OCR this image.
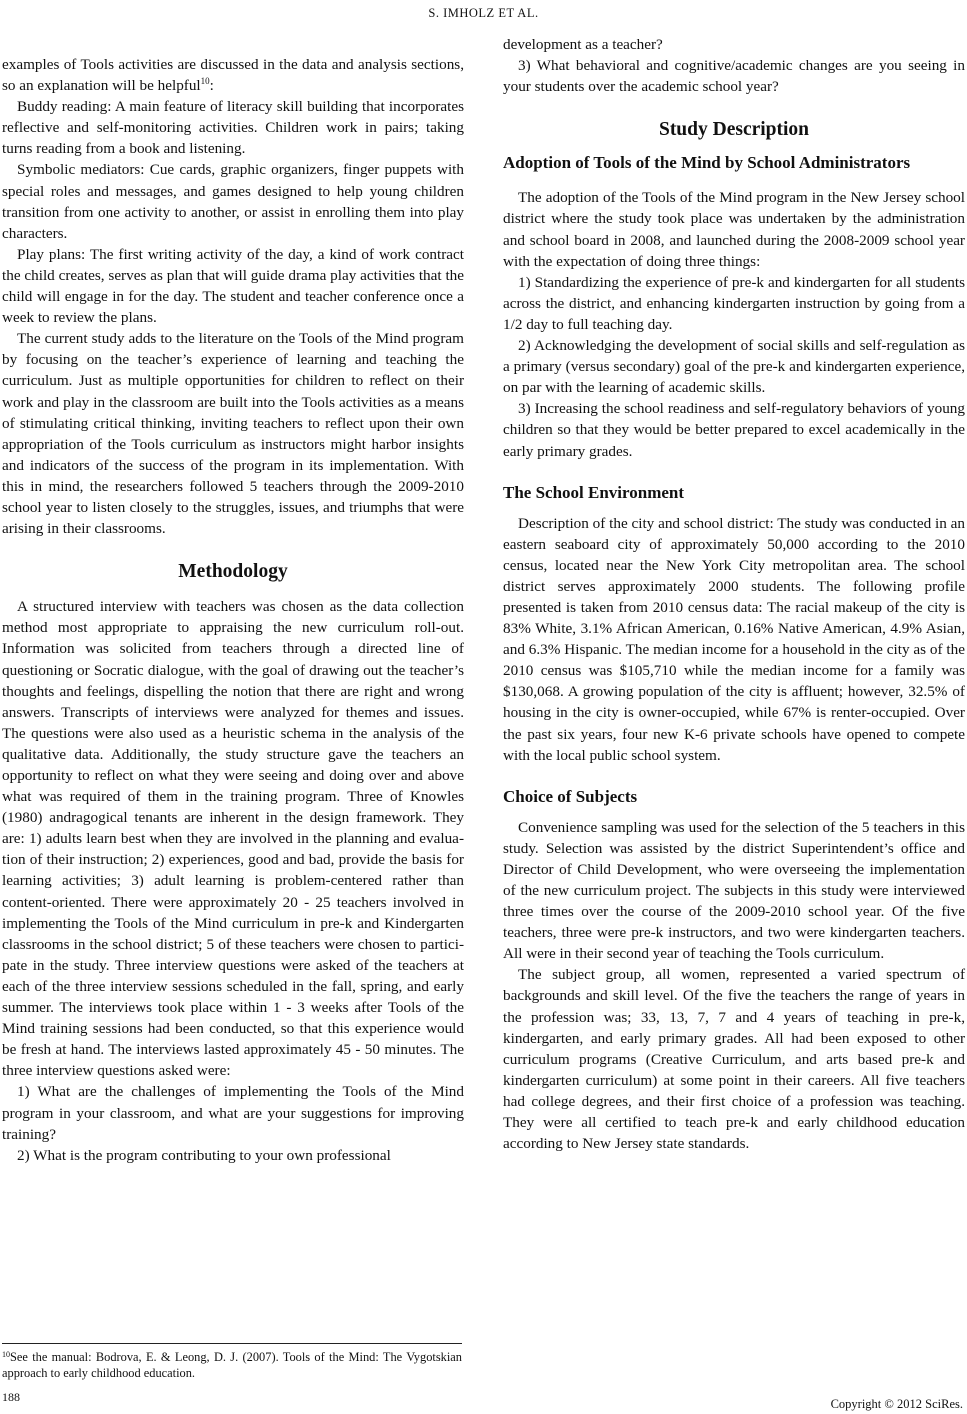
S. IMHOLZ ET AL.

examples of Tools activities are discussed in the data and analysis sections, so an explanation will be helpful$^{10}$:

Buddy reading: A main feature of literacy skill building that incorporates reflective and self-monitoring activities. Children work in pairs; taking turns reading from a book and listening.

Symbolic mediators: Cue cards, graphic organizers, finger puppets with special roles and messages, and games designed to help young children transition from one activity to another, or assist in enrolling them into play characters.

Play plans: The first writing activity of the day, a kind of work contract the child creates, serves as plan that will guide drama play activities that the child will engage in for the day. The student and teacher conference once a week to review the plans.

The current study adds to the literature on the Tools of the Mind program by focusing on the teacher’s experience of learning and teaching the curriculum. Just as multiple opportunities for children to reflect on their work and play in the classroom are built into the Tools activities as a means of stimulating critical thinking, inviting teachers to reflect upon their own appropriation of the Tools curriculum as instructors might harbor insights and indicators of the success of the program in its implementation. With this in mind, the researchers followed 5 teachers through the 2009-2010 school year to listen closely to the struggles, issues, and triumphs that were arising in their classrooms.

Methodology

A structured interview with teachers was chosen as the data collection method most appropriate to appraising the new curriculum roll-out. Information was solicited from teachers through a directed line of questioning or Socratic dialogue, with the goal of drawing out the teacher’s thoughts and feelings, dispelling the notion that there are right and wrong answers. Transcripts of interviews were analyzed for themes and issues. The questions were also used as a heuristic schema in the analysis of the qualitative data. Additionally, the study structure gave the teachers an opportunity to reflect on what they were seeing and doing over and above what was required of them in the training program. Three of Knowles (1980) andragogical tenants are inherent in the design framework. They are: 1) adults learn best when they are involved in the planning and evaluation of their instruction; 2) experiences, good and bad, provide the basis for learning activities; 3) adult learning is problem-centered rather than content-oriented. There were approximately 20 - 25 teachers involved in implementing the Tools of the Mind curriculum in pre-k and Kindergarten classrooms in the school district; 5 of these teachers were chosen to participate in the study. Three interview questions were asked of the teachers at each of the three interview sessions scheduled in the fall, spring, and early summer. The interviews took place within 1 - 3 weeks after Tools of the Mind training sessions had been conducted, so that this experience would be fresh at hand. The interviews lasted approximately 45 - 50 minutes. The three interview questions asked were:

1) What are the challenges of implementing the Tools of the Mind program in your classroom, and what are your suggestions for improving training?

2) What is the program contributing to your own professional

development as a teacher?

3) What behavioral and cognitive/academic changes are you seeing in your students over the academic school year?

Study Description
Adoption of Tools of the Mind by School Administrators

The adoption of the Tools of the Mind program in the New Jersey school district where the study took place was undertaken by the administration and school board in 2008, and launched during the 2008-2009 school year with the expectation of doing three things:

1) Standardizing the experience of pre-k and kindergarten for all students across the district, and enhancing kindergarten instruction by going from a 1/2 day to full teaching day.

2) Acknowledging the development of social skills and self-regulation as a primary (versus secondary) goal of the pre-k and kindergarten experience, on par with the learning of academic skills.

3) Increasing the school readiness and self-regulatory behaviors of young children so that they would be better prepared to excel academically in the early primary grades.

The School Environment

Description of the city and school district: The study was conducted in an eastern seaboard city of approximately 50,000 according to the 2010 census, located near the New York City metropolitan area. The school district serves approximately 2000 students. The following profile presented is taken from 2010 census data: The racial makeup of the city is 83% White, 3.1% African American, 0.16% Native American, 4.9% Asian, and 6.3% Hispanic. The median income for a household in the city as of the 2010 census was $105,710 while the median income for a family was $130,068. A growing population of the city is affluent; however, 32.5% of housing in the city is owner-occupied, while 67% is renter-occupied. Over the past six years, four new K-6 private schools have opened to compete with the local public school system.

Choice of Subjects

Convenience sampling was used for the selection of the 5 teachers in this study. Selection was assisted by the district Superintendent’s office and Director of Child Development, who were overseeing the implementation of the new curriculum project. The subjects in this study were interviewed three times over the course of the 2009-2010 school year. Of the five teachers, three were pre-k instructors, and two were kindergarten teachers. All were in their second year of teaching the Tools curriculum.

The subject group, all women, represented a varied spectrum of backgrounds and skill level. Of the five the teachers the range of years in the profession was; 33, 13, 7, 7 and 4 years of teaching in pre-k, kindergarten, and early primary grades. All had been exposed to other curriculum programs (Creative Curriculum, and arts based pre-k and kindergarten curriculum) at some point in their careers. All five teachers had college degrees, and their first choice of a profession was teaching. They were all certified to teach pre-k and early childhood education according to New Jersey state standards.

$^{10}$See the manual: Bodrova, E. & Leong, D. J. (2007). Tools of the Mind: The Vygotskian approach to early childhood education.
188	Copyright © 2012 SciRes.
